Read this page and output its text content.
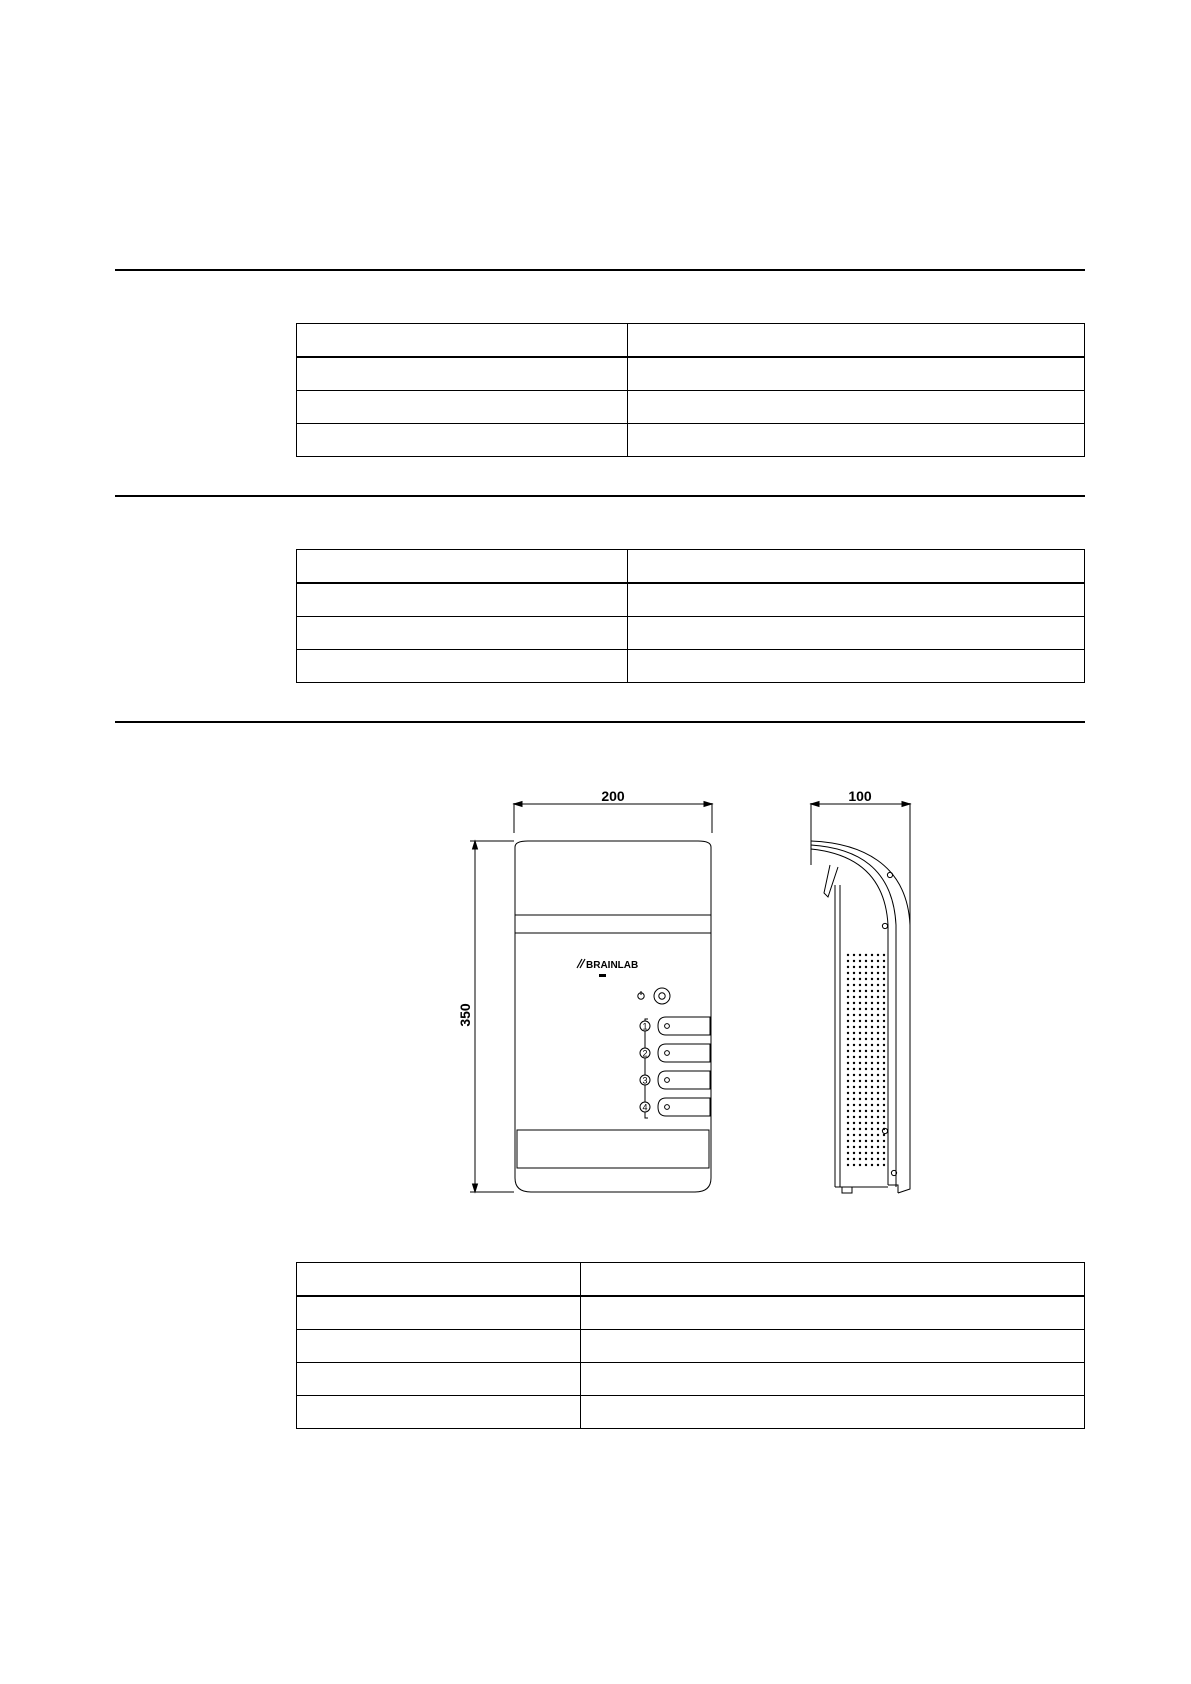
200
350
BRAINLAB
1
2
3
4
100
